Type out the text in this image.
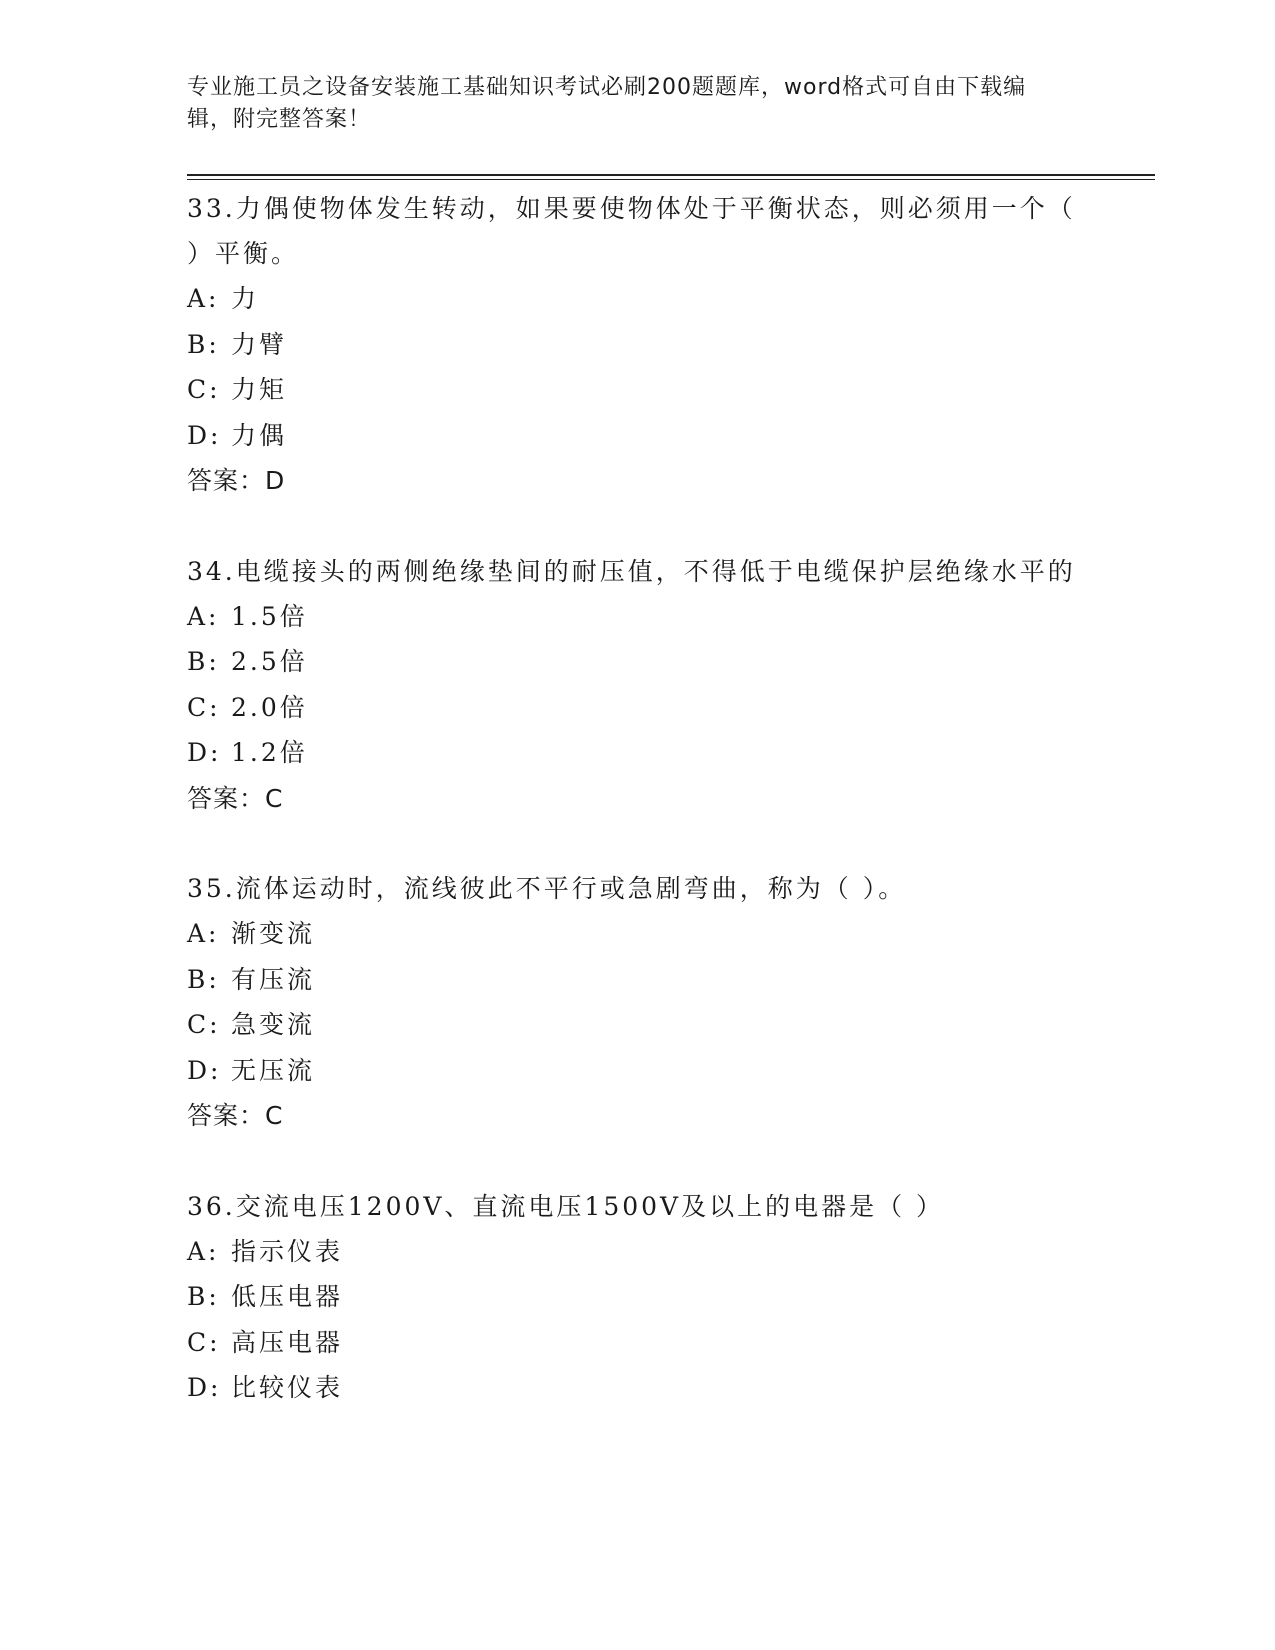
专业施工员之设备安装施工基础知识考试必刷200题题库，word格式可自由下载编辑，附完整答案！

33.力偶使物体发生转动，如果要使物体处于平衡状态，则必须用一个（ ）平衡。

A: 力

B: 力臂

C: 力矩

D: 力偶

答案：D

34.电缆接头的两侧绝缘垫间的耐压值，不得低于电缆保护层绝缘水平的

A: 1.5倍

B: 2.5倍

C: 2.0倍

D: 1.2倍

答案：C

35.流体运动时，流线彼此不平行或急剧弯曲，称为（ ）。

A: 渐变流

B: 有压流

C: 急变流

D: 无压流

答案：C

36.交流电压1200V、直流电压1500V及以上的电器是（ ）

A: 指示仪表

B: 低压电器

C: 高压电器

D: 比较仪表
